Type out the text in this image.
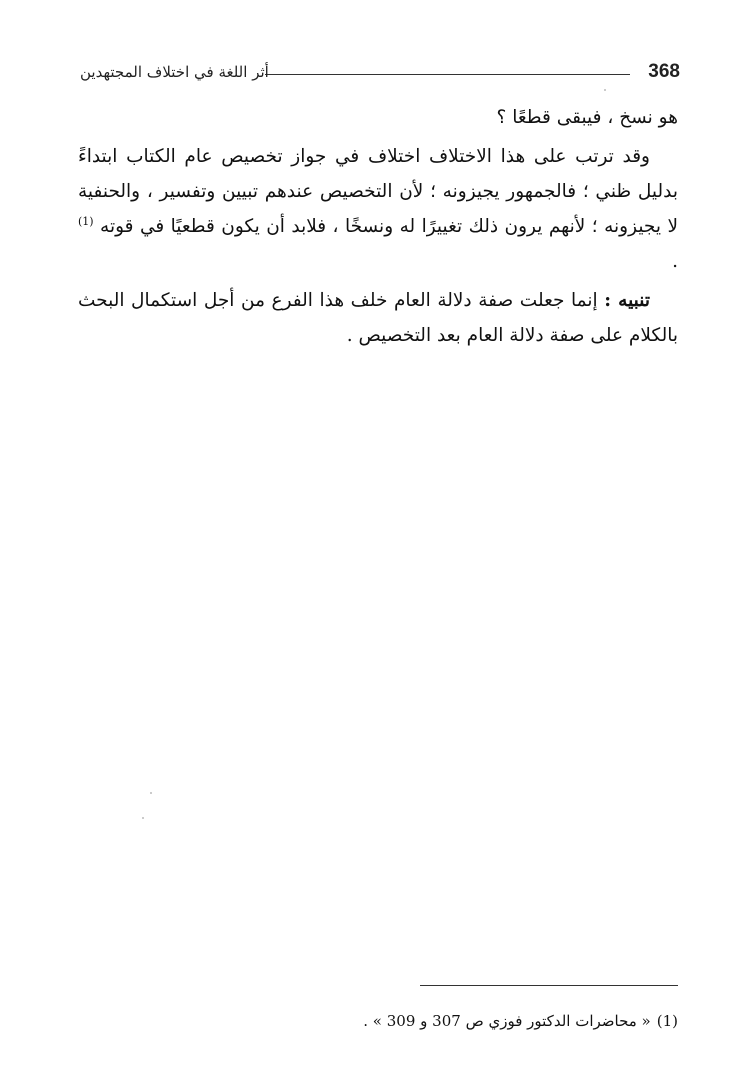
368
أثر اللغة في اختلاف المجتهدين

هو نسخ ، فيبقى قطعًا ؟

وقد ترتب على هذا الاختلاف اختلاف في جواز تخصيص عام الكتاب ابتداءً بدليل ظني ؛ فالجمهور يجيزونه ؛ لأن التخصيص عندهم تبيين وتفسير ، والحنفية لا يجيزونه ؛ لأنهم يرون ذلك تغييرًا له ونسخًا ، فلابد أن يكون قطعيًا في قوته $^{(1)}$ .

تنبيه : إنما جعلت صفة دلالة العام خلف هذا الفرع من أجل استكمال البحث بالكلام على صفة دلالة العام بعد التخصيص .

(1)« محاضرات الدكتور فوزي ص 307 و 309 » .
